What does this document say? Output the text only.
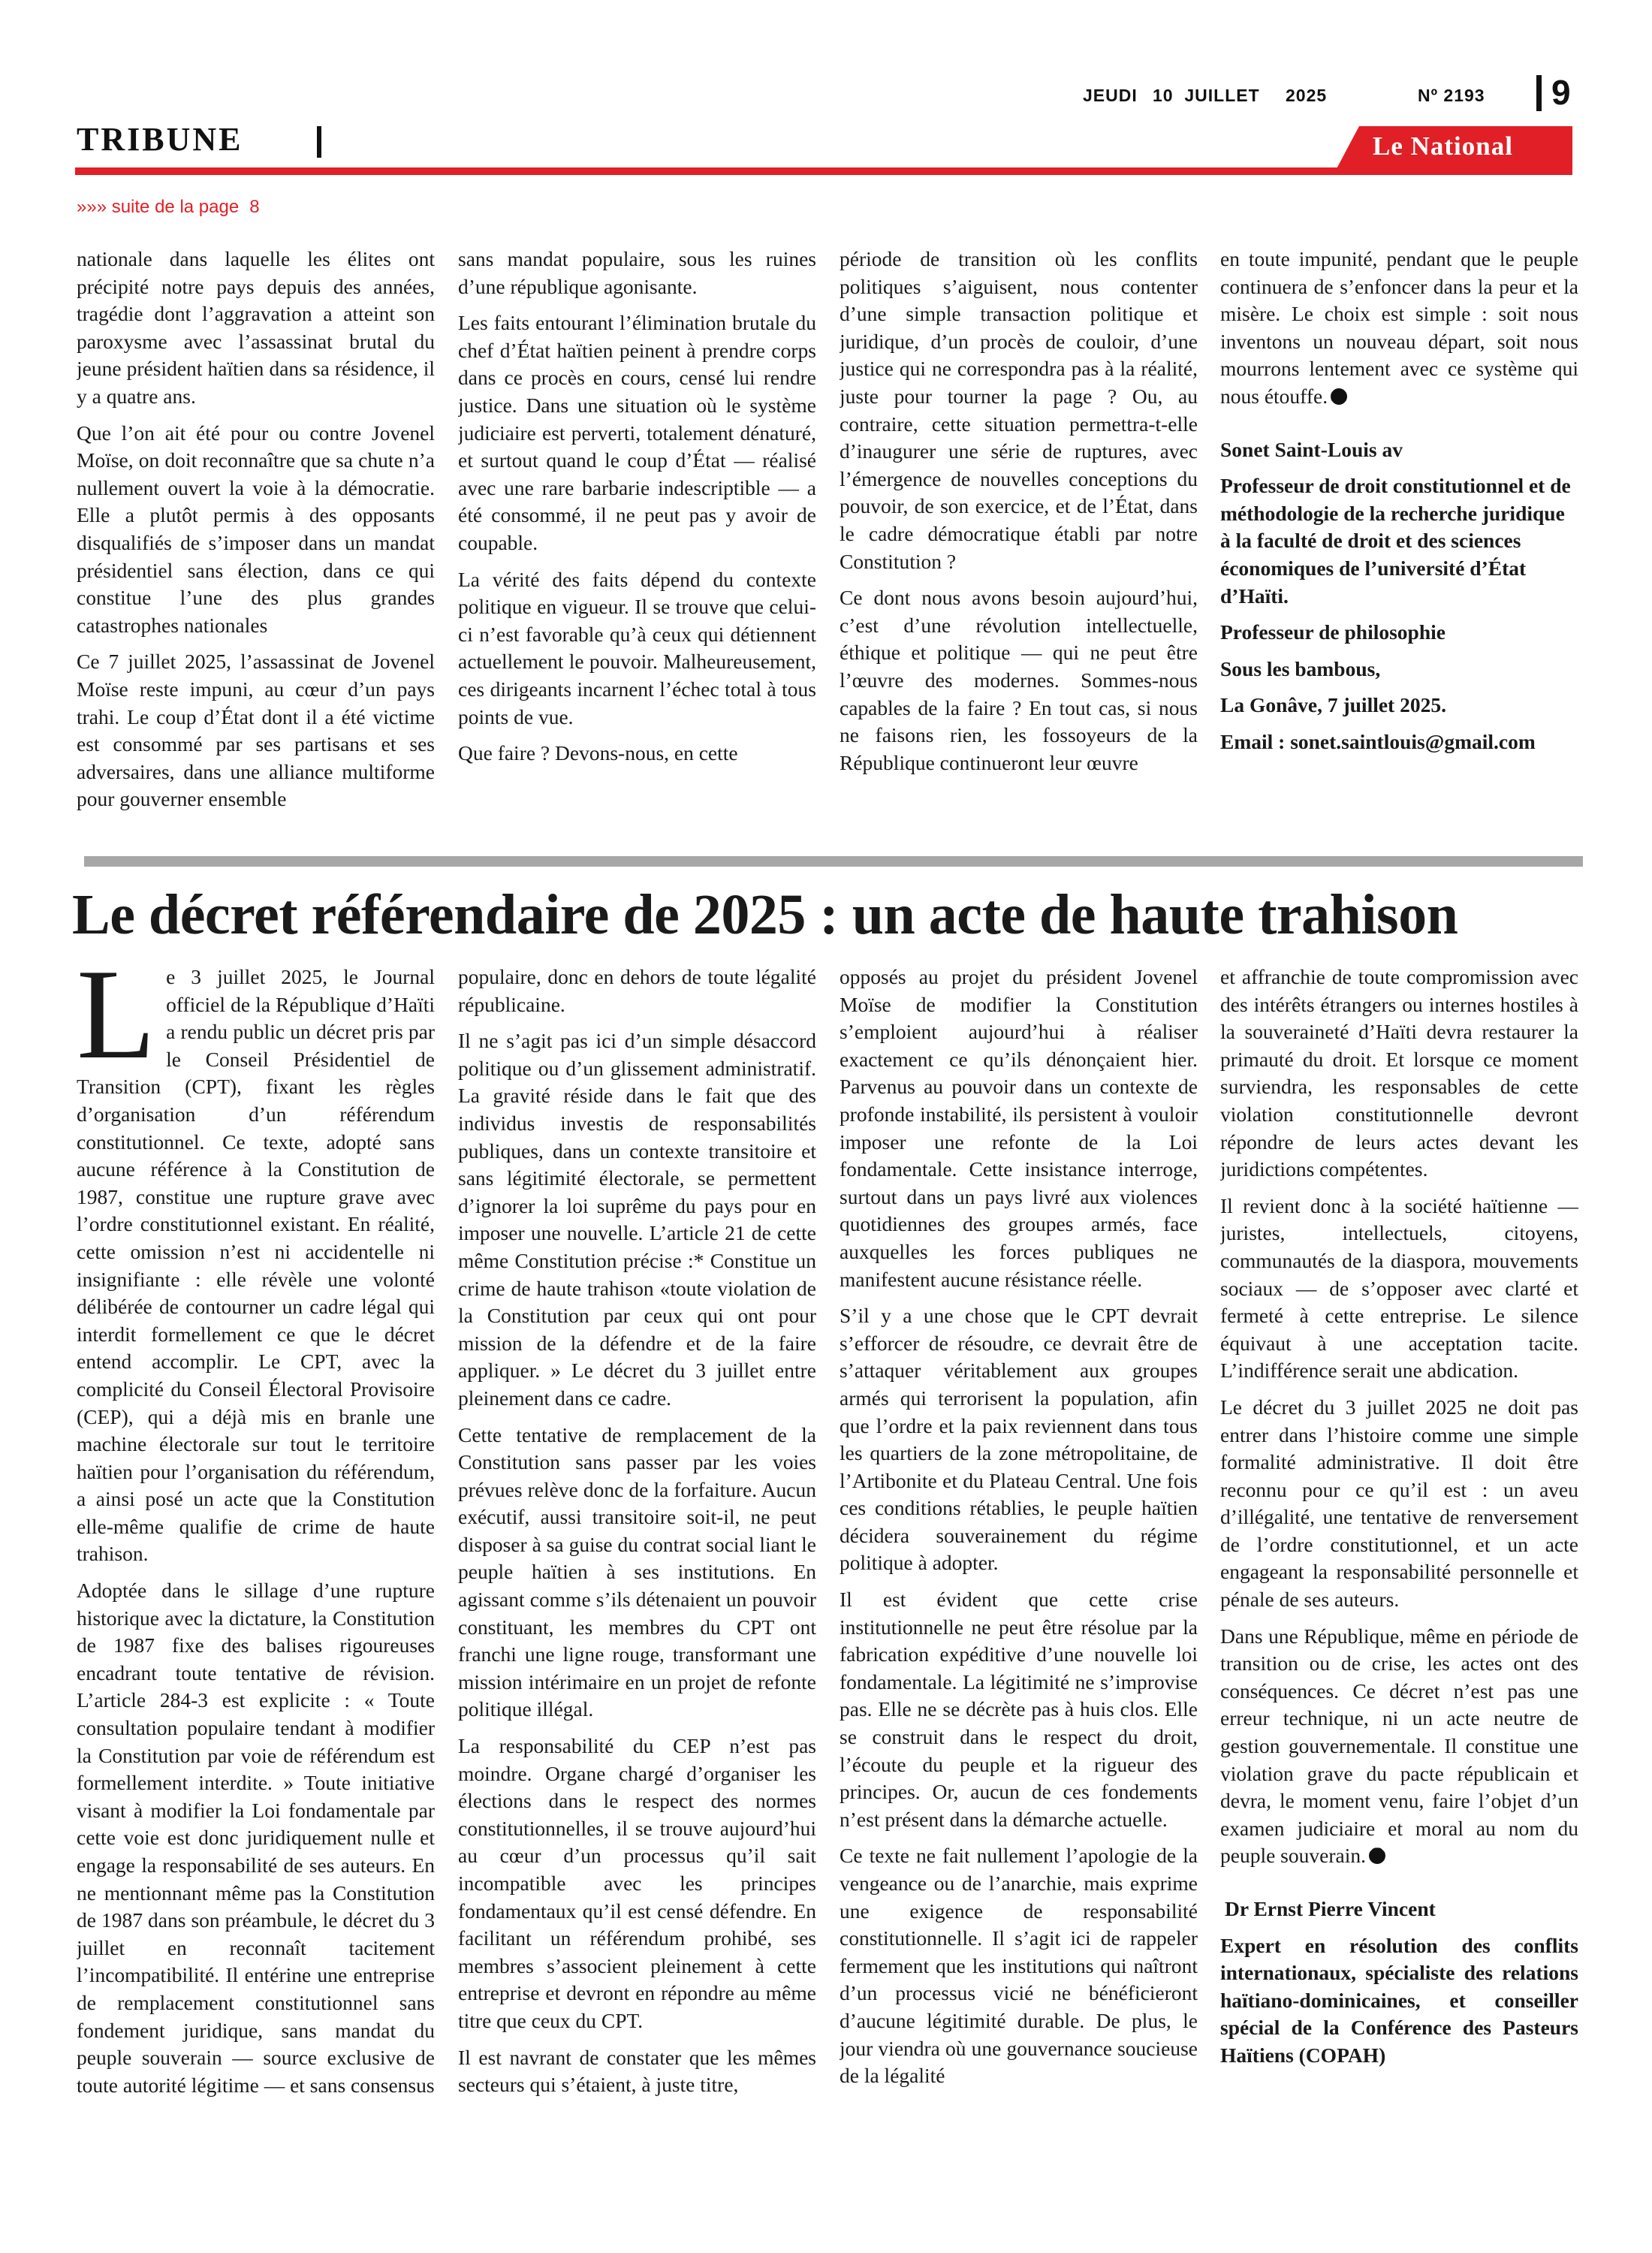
JEUDI 10  JUILLET 2025	Nº 2193 9
TRIBUNE	Le National
»»» suite de la page 8

nationale dans laquelle les élites ont précipité notre pays depuis des années, tragédie dont l’aggravation a atteint son paroxysme avec l’assassinat brutal du jeune président haïtien dans sa résidence, il y a quatre ans.

Que l’on ait été pour ou contre Jovenel Moïse, on doit reconnaître que sa chute n’a nullement ouvert la voie à la démocratie. Elle a plutôt permis à des opposants disqualifiés de s’imposer dans un mandat présidentiel sans élection, dans ce qui constitue l’une des plus grandes catastrophes nationales

Ce 7 juillet 2025, l’assassinat de Jovenel Moïse reste impuni, au cœur d’un pays trahi. Le coup d’État dont il a été victime est consommé par ses partisans et ses adversaires, dans une alliance multiforme pour gouverner ensemble

sans mandat populaire, sous les ruines d’une république agonisante.

Les faits entourant l’élimination brutale du chef d’État haïtien peinent à prendre corps dans ce procès en cours, censé lui rendre justice. Dans une situation où le système judiciaire est perverti, totalement dénaturé, et surtout quand le coup d’État — réalisé avec une rare barbarie indescriptible — a été consommé, il ne peut pas y avoir de coupable.

La vérité des faits dépend du contexte politique en vigueur. Il se trouve que celui-ci n’est favorable qu’à ceux qui détiennent actuellement le pouvoir. Malheureusement, ces dirigeants incarnent l’échec total à tous points de vue.

Que faire ? Devons-nous, en cette

période de transition où les conflits politiques s’aiguisent, nous contenter d’une simple transaction politique et juridique, d’un procès de couloir, d’une justice qui ne correspondra pas à la réalité, juste pour tourner la page ? Ou, au contraire, cette situation permettra-t-elle d’inaugurer une série de ruptures, avec l’émergence de nouvelles conceptions du pouvoir, de son exercice, et de l’État, dans le cadre démocratique établi par notre Constitution ?

Ce dont nous avons besoin aujourd’hui, c’est d’une révolution intellectuelle, éthique et politique — qui ne peut être l’œuvre des modernes. Sommes-nous capables de la faire ? En tout cas, si nous ne faisons rien, les fossoyeurs de la République continueront leur œuvre

en toute impunité, pendant que le peuple continuera de s’enfoncer dans la peur et la misère. Le choix est simple : soit nous inventons un nouveau départ, soit nous mourrons lentement avec ce système qui nous étouffe.

Sonet Saint-Louis av

Professeur de droit constitutionnel et de méthodologie de la recherche juridique à la faculté de droit et des sciences économiques de l’université d’État d’Haïti.

Professeur de philosophie

Sous les bambous,

La Gonâve, 7 juillet 2025.

Email : sonet.saintlouis@gmail.com

Le décret référendaire de 2025 : un acte de haute trahison

Le 3 juillet 2025, le Journal officiel de la République d’Haïti a rendu public un décret pris par le Conseil Présidentiel de Transition (CPT), fixant les règles d’organisation d’un référendum constitutionnel. Ce texte, adopté sans aucune référence à la Constitution de 1987, constitue une rupture grave avec l’ordre constitutionnel existant. En réalité, cette omission n’est ni accidentelle ni insignifiante : elle révèle une volonté délibérée de contourner un cadre légal qui interdit formellement ce que le décret entend accomplir. Le CPT, avec la complicité du Conseil Électoral Provisoire (CEP), qui a déjà mis en branle une machine électorale sur tout le territoire haïtien pour l’organisation du référendum, a ainsi posé un acte que la Constitution elle-même qualifie de crime de haute trahison.

Adoptée dans le sillage d’une rupture historique avec la dictature, la Constitution de 1987 fixe des balises rigoureuses encadrant toute tentative de révision. L’article 284-3 est explicite : « Toute consultation populaire tendant à modifier la Constitution par voie de référendum est formellement interdite. » Toute initiative visant à modifier la Loi fondamentale par cette voie est donc juridiquement nulle et engage la responsabilité de ses auteurs. En ne mentionnant même pas la Constitution de 1987 dans son préambule, le décret du 3 juillet en reconnaît tacitement l’incompatibilité. Il entérine une entreprise de remplacement constitutionnel sans fondement juridique, sans mandat du peuple souverain — source exclusive de toute autorité légitime — et sans consensus

populaire, donc en dehors de toute légalité républicaine.

Il ne s’agit pas ici d’un simple désaccord politique ou d’un glissement administratif. La gravité réside dans le fait que des individus investis de responsabilités publiques, dans un contexte transitoire et sans légitimité électorale, se permettent d’ignorer la loi suprême du pays pour en imposer une nouvelle. L’article 21 de cette même Constitution précise :* Constitue un crime de haute trahison «toute violation de la Constitution par ceux qui ont pour mission de la défendre et de la faire appliquer. » Le décret du 3 juillet entre pleinement dans ce cadre.

Cette tentative de remplacement de la Constitution sans passer par les voies prévues relève donc de la forfaiture. Aucun exécutif, aussi transitoire soit-il, ne peut disposer à sa guise du contrat social liant le peuple haïtien à ses institutions. En agissant comme s’ils détenaient un pouvoir constituant, les membres du CPT ont franchi une ligne rouge, transformant une mission intérimaire en un projet de refonte politique illégal.

La responsabilité du CEP n’est pas moindre. Organe chargé d’organiser les élections dans le respect des normes constitutionnelles, il se trouve aujourd’hui au cœur d’un processus qu’il sait incompatible avec les principes fondamentaux qu’il est censé défendre. En facilitant un référendum prohibé, ses membres s’associent pleinement à cette entreprise et devront en répondre au même titre que ceux du CPT.

Il est navrant de constater que les mêmes secteurs qui s’étaient, à juste titre,

opposés au projet du président Jovenel Moïse de modifier la Constitution s’emploient aujourd’hui à réaliser exactement ce qu’ils dénonçaient hier. Parvenus au pouvoir dans un contexte de profonde instabilité, ils persistent à vouloir imposer une refonte de la Loi fondamentale. Cette insistance interroge, surtout dans un pays livré aux violences quotidiennes des groupes armés, face auxquelles les forces publiques ne manifestent aucune résistance réelle.

S’il y a une chose que le CPT devrait s’efforcer de résoudre, ce devrait être de s’attaquer véritablement aux groupes armés qui terrorisent la population, afin que l’ordre et la paix reviennent dans tous les quartiers de la zone métropolitaine, de l’Artibonite et du Plateau Central. Une fois ces conditions rétablies, le peuple haïtien décidera souverainement du régime politique à adopter.

Il est évident que cette crise institutionnelle ne peut être résolue par la fabrication expéditive d’une nouvelle loi fondamentale. La légitimité ne s’improvise pas. Elle ne se décrète pas à huis clos. Elle se construit dans le respect du droit, l’écoute du peuple et la rigueur des principes. Or, aucun de ces fondements n’est présent dans la démarche actuelle.

Ce texte ne fait nullement l’apologie de la vengeance ou de l’anarchie, mais exprime une exigence de responsabilité constitutionnelle. Il s’agit ici de rappeler fermement que les institutions qui naîtront d’un processus vicié ne bénéficieront d’aucune légitimité durable. De plus, le jour viendra où une gouvernance soucieuse de la légalité

et affranchie de toute compromission avec des intérêts étrangers ou internes hostiles à la souveraineté d’Haïti devra restaurer la primauté du droit. Et lorsque ce moment surviendra, les responsables de cette violation constitutionnelle devront répondre de leurs actes devant les juridictions compétentes.

Il revient donc à la société haïtienne — juristes, intellectuels, citoyens, communautés de la diaspora, mouvements sociaux — de s’opposer avec clarté et fermeté à cette entreprise. Le silence équivaut à une acceptation tacite. L’indifférence serait une abdication.

Le décret du 3 juillet 2025 ne doit pas entrer dans l’histoire comme une simple formalité administrative. Il doit être reconnu pour ce qu’il est : un aveu d’illégalité, une tentative de renversement de l’ordre constitutionnel, et un acte engageant la responsabilité personnelle et pénale de ses auteurs.

Dans une République, même en période de transition ou de crise, les actes ont des conséquences. Ce décret n’est pas une erreur technique, ni un acte neutre de gestion gouvernementale. Il constitue une violation grave du pacte républicain et devra, le moment venu, faire l’objet d’un examen judiciaire et moral au nom du peuple souverain.

Dr Ernst Pierre Vincent

Expert en résolution des conflits internationaux, spécialiste des relations haïtiano-dominicaines, et conseiller spécial de la Conférence des Pasteurs Haïtiens (COPAH)
